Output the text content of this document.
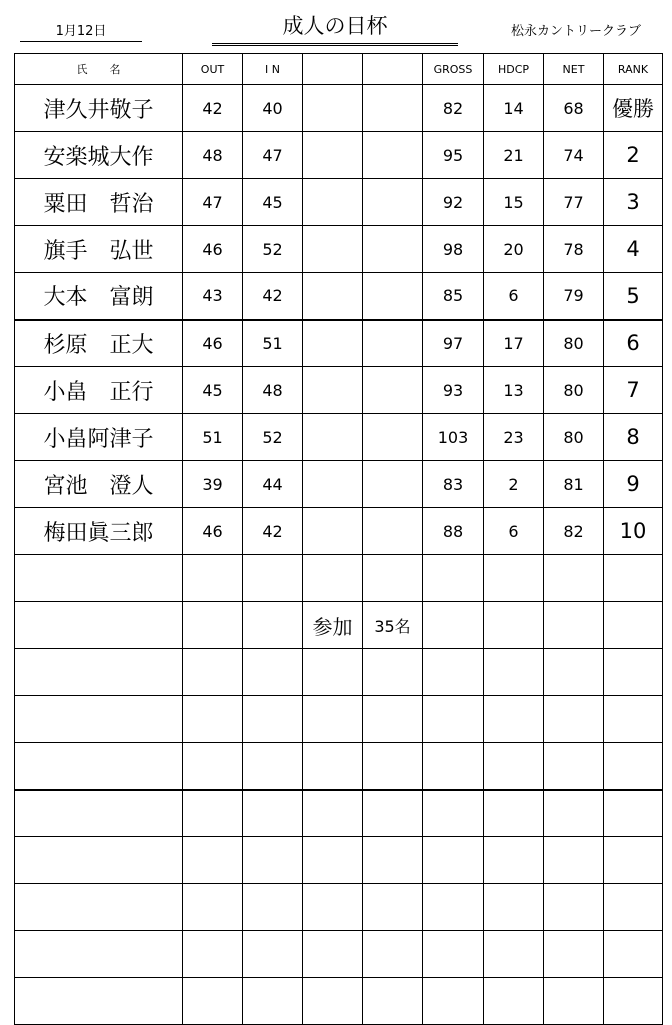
1月12日	成人の日杯	松永カントリークラブ
氏　　名	OUT	I N			GROSS	HDCP	NET	RANK
津久井敬子	42	40			82	14	68	優勝
安楽城大作	48	47			95	21	74	2
粟田　哲治	47	45			92	15	77	3
旗手　弘世	46	52			98	20	78	4
大本　富朗	43	42			85	6	79	5
杉原　正大	46	51			97	17	80	6
小畠　正行	45	48			93	13	80	7
小畠阿津子	51	52			103	23	80	8
宮池　澄人	39	44			83	2	81	9
梅田眞三郎	46	42			88	6	82	10

			参加	35名				
